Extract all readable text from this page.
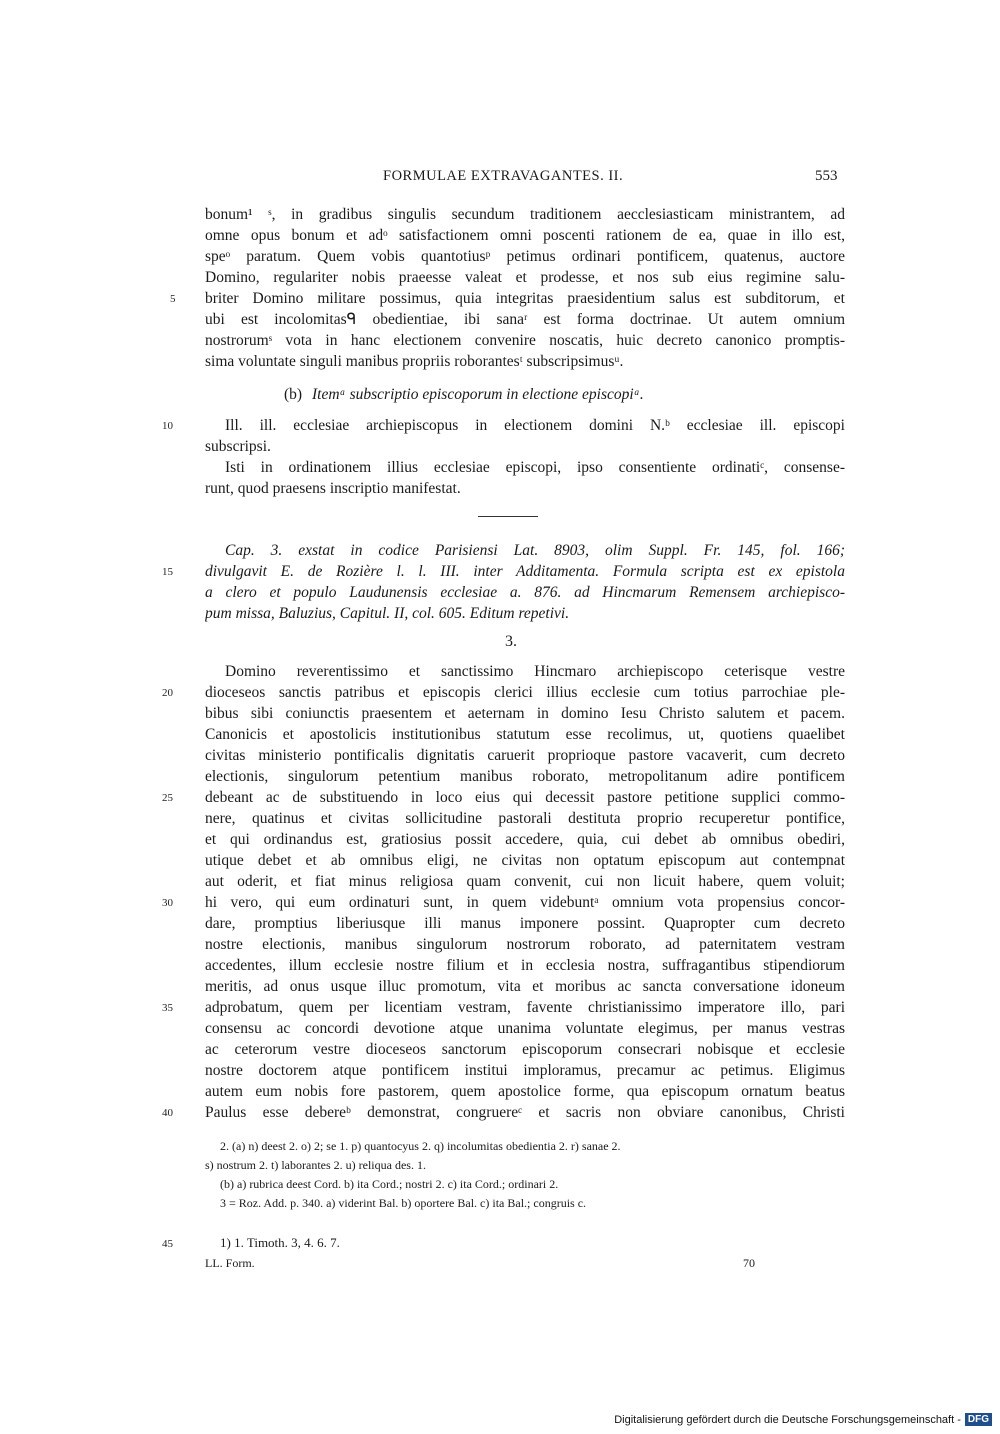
FORMULAE EXTRAVAGANTES. II.	553
bonum¹ ˢ, in gradibus singulis secundum traditionem aecclesiasticam ministrantem, ad
omne opus bonum et adᵒ satisfactionem omni poscenti rationem de ea, quae in illo est,
speᵒ paratum. Quem vobis quantotiusᵖ petimus ordinari pontificem, quatenus, auctore
Domino, regulariter nobis praeesse valeat et prodesse, et nos sub eius regimine salu-
briter Domino militare possimus, quia integritas praesidentium salus est subditorum, et
ubi est incolomitasᑫ obedientiae, ibi sanaʳ est forma doctrinae. Ut autem omnium
nostrorumˢ vota in hanc electionem convenire noscatis, huic decreto canonico promptis-
sima voluntate singuli manibus propriis roborantesᵗ subscripsimusᵘ.
(b) Itemᵃ subscriptio episcoporum in electione episcopiᵃ.
Ill. ill. ecclesiae archiepiscopus in electionem domini N.ᵇ ecclesiae ill. episcopi
subscripsi.
Isti in ordinationem illius ecclesiae episcopi, ipso consentiente ordinatiᶜ, consense-
runt, quod praesens inscriptio manifestat.
Cap. 3. exstat in codice Parisiensi Lat. 8903, olim Suppl. Fr. 145, fol. 166;
divulgavit E. de Rozière l. l. III. inter Additamenta. Formula scripta est ex epistola
a clero et populo Laudunensis ecclesiae a. 876. ad Hincmarum Remensem archiepisco-
pum missa, Baluzius, Capitul. II, col. 605. Editum repetivi.
3.
Domino reverentissimo et sanctissimo Hincmaro archiepiscopo ceterisque vestre
dioceseos sanctis patribus et episcopis clerici illius ecclesie cum totius parrochiae ple-
bibus sibi coniunctis praesentem et aeternam in domino Iesu Christo salutem et pacem.
Canoniсis et apostolicis institutionibus statutum esse recolimus, ut, quotiens quaelibet
civitas ministerio pontificalis dignitatis caruerit proprioque pastore vacaverit, cum decreto
electionis, singulorum petentium manibus roborato, metropolitanum adire pontificem
debeant ac de substituendo in loco eius qui decessit pastore petitione supplici commo-
nere, quatinus et civitas sollicitudine pastorali destituta proprio recuperetur pontifice,
et qui ordinandus est, gratiosius possit accedere, quia, cui debet ab omnibus obediri,
utique debet et ab omnibus eligi, ne civitas non optatum episcopum aut contempnat
aut oderit, et fiat minus religiosa quam convenit, cui non licuit habere, quem voluit;
hi vero, qui eum ordinaturi sunt, in quem videbuntᵃ omnium vota propensius concor-
dare, promptius liberiusque illi manus imponere possint. Quapropter cum decreto
nostre electionis, manibus singulorum nostrorum roborato, ad paternitatem vestram
accedentes, illum ecclesie nostre filium et in ecclesia nostra, suffragantibus stipendiorum
meritis, ad onus usque illuc promotum, vita et moribus ac sancta conversatione idoneum
adprobatum, quem per licentiam vestram, favente christianissimo imperatore illo, pari
consensu ac concordi devotione atque unanima voluntate elegimus, per manus vestras
ac ceterorum vestre dioceseos sanctorum episcoporum consecrari nobisque et ecclesie
nostre doctorem atque pontificem institui imploramus, precamur ac petimus. Eligimus
autem eum nobis fore pastorem, quem apostolice forme, qua episcopum ornatum beatus
Paulus esse debereᵇ demonstrat, congruereᶜ et sacris non obviare canonibus, Christi
5
10
15
20
25
30
35
40
45
2. (a) n) deest 2. o) 2; se 1. p) quantocyus 2. q) incolumitas obedientia 2. r) sanae 2.
s) nostrum 2. t) laborantes 2. u) reliqua des. 1.
(b) a) rubrica deest Cord. b) ita Cord.; nostri 2. c) ita Cord.; ordinari 2.
3 = Roz. Add. p. 340. a) viderint Bal. b) oportere Bal. c) ita Bal.; congruis c.
1) 1. Timoth. 3, 4. 6. 7.
LL. Form.	70
Digitalisierung gefördert durch die Deutsche Forschungsgemeinschaft - DFG
